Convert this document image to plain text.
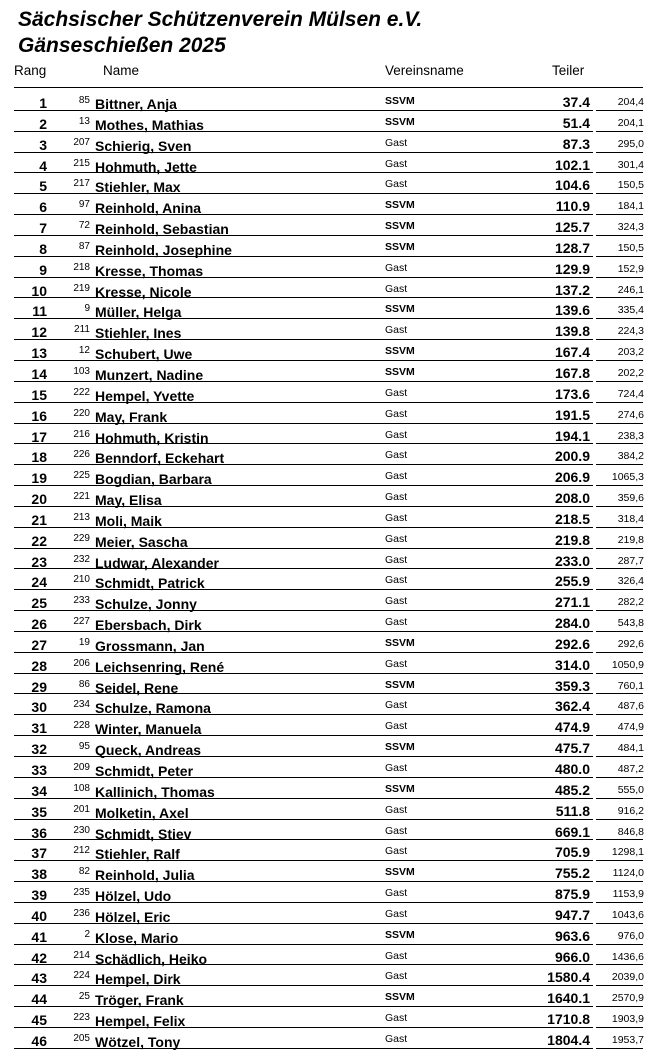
Sächsischer Schützenverein Mülsen e.V.
Gänseschießen 2025
Rang	Name	Vereinsname	Teiler
1	85 Bittner, Anja	SSVM	37.4	204,4
2	13 Mothes, Mathias	SSVM	51.4	204,1
3	207 Schierig, Sven	Gast	87.3	295,0
4	215 Hohmuth, Jette	Gast	102.1	301,4
5	217 Stiehler, Max	Gast	104.6	150,5
6	97 Reinhold, Anina	SSVM	110.9	184,1
7	72 Reinhold, Sebastian	SSVM	125.7	324,3
8	87 Reinhold, Josephine	SSVM	128.7	150,5
9	218 Kresse, Thomas	Gast	129.9	152,9
10	219 Kresse, Nicole	Gast	137.2	246,1
11	9 Müller, Helga	SSVM	139.6	335,4
12	211 Stiehler, Ines	Gast	139.8	224,3
13	12 Schubert, Uwe	SSVM	167.4	203,2
14	103 Munzert, Nadine	SSVM	167.8	202,2
15	222 Hempel, Yvette	Gast	173.6	724,4
16	220 May, Frank	Gast	191.5	274,6
17	216 Hohmuth, Kristin	Gast	194.1	238,3
18	226 Benndorf, Eckehart	Gast	200.9	384,2
19	225 Bogdian, Barbara	Gast	206.9 1065,3
20	221 May, Elisa	Gast	208.0	359,6
21	213 Moli, Maik	Gast	218.5	318,4
22	229 Meier, Sascha	Gast	219.8	219,8
23	232 Ludwar, Alexander	Gast	233.0	287,7
24	210 Schmidt, Patrick	Gast	255.9	326,4
25	233 Schulze, Jonny	Gast	271.1	282,2
26	227 Ebersbach, Dirk	Gast	284.0	543,8
27	19 Grossmann, Jan	SSVM	292.6	292,6
28	206 Leichsenring, René	Gast	314.0 1050,9
29	86 Seidel, Rene	SSVM	359.3	760,1
30	234 Schulze, Ramona	Gast	362.4	487,6
31	228 Winter, Manuela	Gast	474.9	474,9
32	95 Queck, Andreas	SSVM	475.7	484,1
33	209 Schmidt, Peter	Gast	480.0	487,2
34	108 Kallinich, Thomas	SSVM	485.2	555,0
35	201 Molketin, Axel	Gast	511.8	916,2
36	230 Schmidt, Stiev	Gast	669.1	846,8
37	212 Stiehler, Ralf	Gast	705.9 1298,1
38	82 Reinhold, Julia	SSVM	755.2 1124,0
39	235 Hölzel, Udo	Gast	875.9 1153,9
40	236 Hölzel, Eric	Gast	947.7 1043,6
41	2 Klose, Mario	SSVM	963.6	976,0
42	214 Schädlich, Heiko	Gast	966.0 1436,6
43	224 Hempel, Dirk	Gast	1580.4 2039,0
44	25 Tröger, Frank	SSVM	1640.1 2570,9
45	223 Hempel, Felix	Gast	1710.8 1903,9
46	205 Wötzel, Tony	Gast	1804.4 1953,7
